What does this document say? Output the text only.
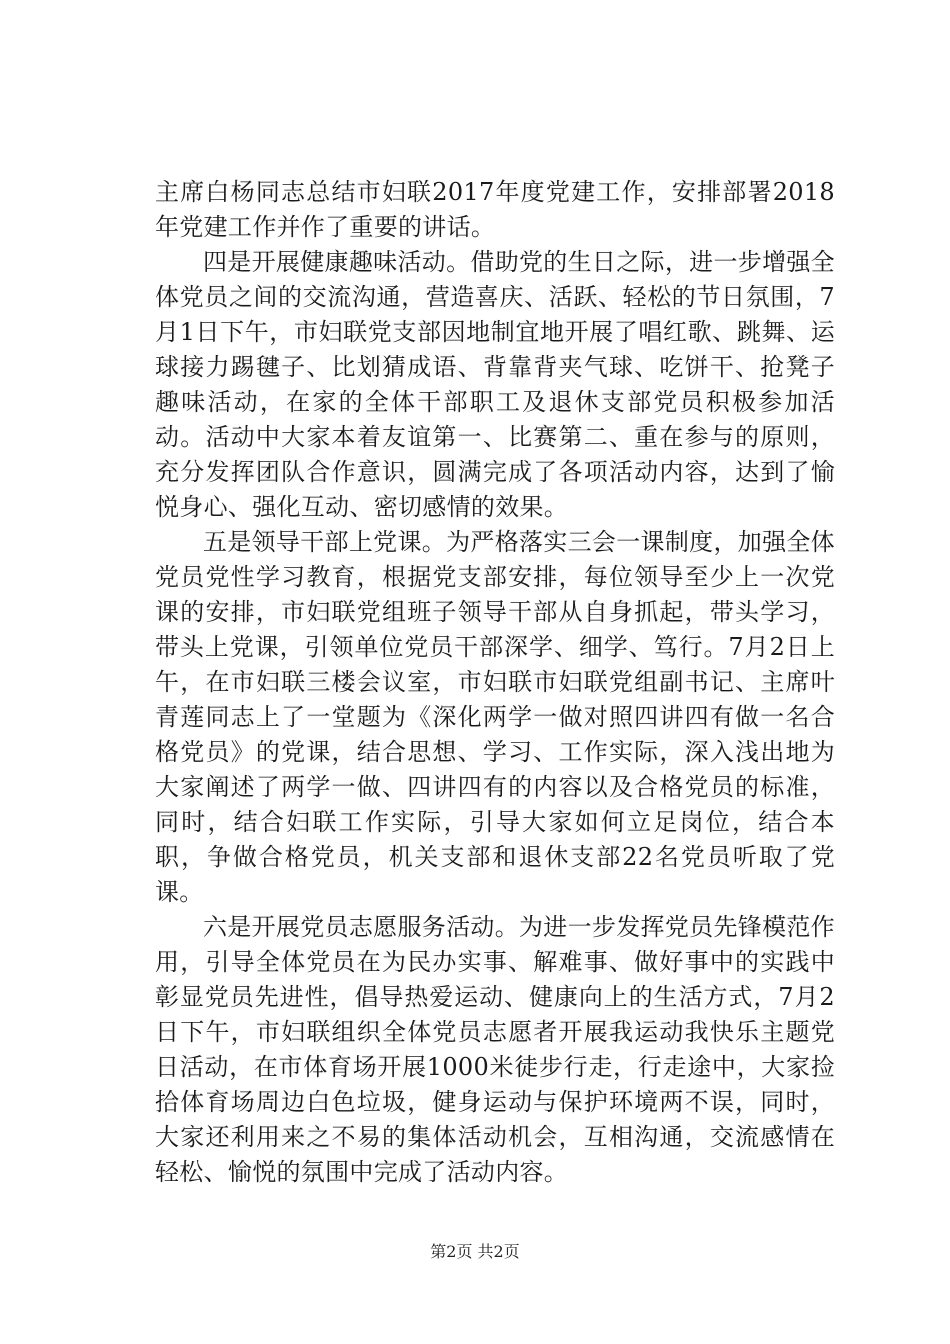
主席白杨同志总结市妇联2017年度党建工作，安排部署2018年党建工作并作了重要的讲话。

四是开展健康趣味活动。借助党的生日之际，进一步增强全体党员之间的交流沟通，营造喜庆、活跃、轻松的节日氛围，7月1日下午，市妇联党支部因地制宜地开展了唱红歌、跳舞、运球接力踢毽子、比划猜成语、背靠背夹气球、吃饼干、抢凳子趣味活动，在家的全体干部职工及退休支部党员积极参加活动。活动中大家本着友谊第一、比赛第二、重在参与的原则，充分发挥团队合作意识，圆满完成了各项活动内容，达到了愉悦身心、强化互动、密切感情的效果。

五是领导干部上党课。为严格落实三会一课制度，加强全体党员党性学习教育，根据党支部安排，每位领导至少上一次党课的安排，市妇联党组班子领导干部从自身抓起，带头学习，带头上党课，引领单位党员干部深学、细学、笃行。7月2日上午，在市妇联三楼会议室，市妇联市妇联党组副书记、主席叶青莲同志上了一堂题为《深化两学一做对照四讲四有做一名合格党员》的党课，结合思想、学习、工作实际，深入浅出地为大家阐述了两学一做、四讲四有的内容以及合格党员的标准，同时，结合妇联工作实际，引导大家如何立足岗位，结合本职，争做合格党员，机关支部和退休支部22名党员听取了党课。

六是开展党员志愿服务活动。为进一步发挥党员先锋模范作用，引导全体党员在为民办实事、解难事、做好事中的实践中彰显党员先进性，倡导热爱运动、健康向上的生活方式，7月2日下午，市妇联组织全体党员志愿者开展我运动我快乐主题党日活动，在市体育场开展1000米徒步行走，行走途中，大家捡拾体育场周边白色垃圾，健身运动与保护环境两不误，同时，大家还利用来之不易的集体活动机会，互相沟通，交流感情在轻松、愉悦的氛围中完成了活动内容。

第2页 共2页
